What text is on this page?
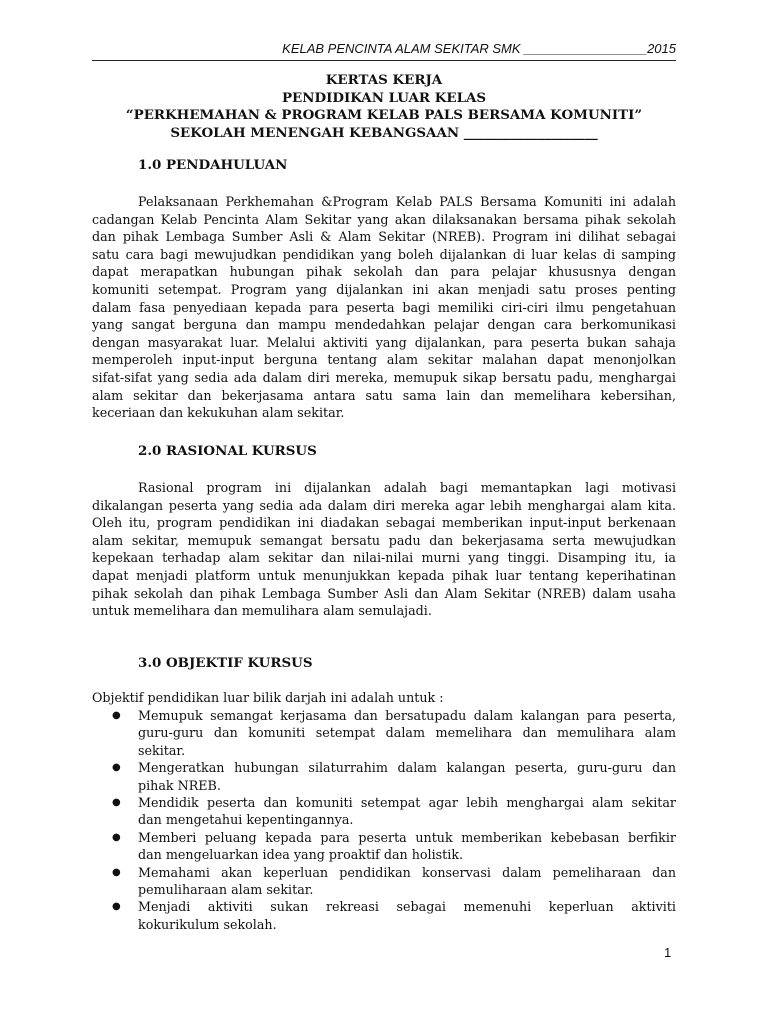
KELAB PENCINTA ALAM SEKITAR SMK _________________2015
KERTAS KERJA
PENDIDIKAN LUAR KELAS
“PERKHEMAHAN & PROGRAM KELAB PALS BERSAMA KOMUNITI”
SEKOLAH MENENGAH KEBANGSAAN ____________________
1.0 PENDAHULUAN
Pelaksanaan Perkhemahan &Program Kelab PALS Bersama Komuniti ini adalah
cadangan Kelab Pencinta Alam Sekitar yang akan dilaksanakan bersama pihak sekolah
dan pihak Lembaga Sumber Asli & Alam Sekitar (NREB). Program ini dilihat sebagai
satu cara bagi mewujudkan pendidikan yang boleh dijalankan di luar kelas di samping
dapat merapatkan hubungan pihak sekolah dan para pelajar khususnya dengan
komuniti setempat. Program yang dijalankan ini akan menjadi satu proses penting
dalam fasa penyediaan kepada para peserta bagi memiliki ciri-ciri ilmu pengetahuan
yang sangat berguna dan mampu mendedahkan pelajar dengan cara berkomunikasi
dengan masyarakat luar. Melalui aktiviti yang dijalankan, para peserta bukan sahaja
memperoleh input-input berguna tentang alam sekitar malahan dapat menonjolkan
sifat-sifat yang sedia ada dalam diri mereka, memupuk sikap bersatu padu, menghargai
alam sekitar dan bekerjasama antara satu sama lain dan memelihara kebersihan,
keceriaan dan kekukuhan alam sekitar.
2.0 RASIONAL KURSUS
Rasional program ini dijalankan adalah bagi memantapkan lagi motivasi
dikalangan peserta yang sedia ada dalam diri mereka agar lebih menghargai alam kita.
Oleh itu, program pendidikan ini diadakan sebagai memberikan input-input berkenaan
alam sekitar, memupuk semangat bersatu padu dan bekerjasama serta mewujudkan
kepekaan terhadap alam sekitar dan nilai-nilai murni yang tinggi. Disamping itu, ia
dapat menjadi platform untuk menunjukkan kepada pihak luar tentang keperihatinan
pihak sekolah dan pihak Lembaga Sumber Asli dan Alam Sekitar (NREB) dalam usaha
untuk memelihara dan memulihara alam semulajadi.
3.0 OBJEKTIF KURSUS
Objektif pendidikan luar bilik darjah ini adalah untuk :
● Memupuk semangat kerjasama dan bersatupadu dalam kalangan para peserta,
guru-guru dan komuniti setempat dalam memelihara dan memulihara alam
sekitar.
● Mengeratkan hubungan silaturrahim dalam kalangan peserta, guru-guru dan
pihak NREB.
● Mendidik peserta dan komuniti setempat agar lebih menghargai alam sekitar
dan mengetahui kepentingannya.
● Memberi peluang kepada para peserta untuk memberikan kebebasan berfikir
dan mengeluarkan idea yang proaktif dan holistik.
● Memahami akan keperluan pendidikan konservasi dalam pemeliharaan dan
pemuliharaan alam sekitar.
● Menjadi aktiviti sukan rekreasi sebagai memenuhi keperluan aktiviti
kokurikulum sekolah.
1
